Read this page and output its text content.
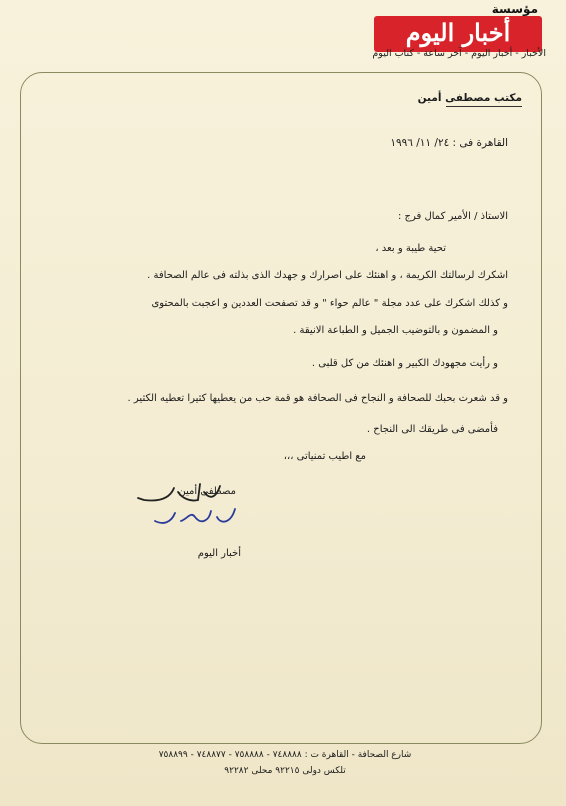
مؤسسة
أخبار اليوم
الأخبار - أخبار اليوم - آخر ساعة - كتاب اليوم
مكتب مصطفى أمين
القاهرة فى : ٢٤/ ١١/ ١٩٩٦
الاستاذ / الأمير كمال فرج :
تحية طيبة و بعد ،
اشكرك لرسالتك الكريمة ، و اهنئك على اصرارك و جهدك الذى بذلته فى عالم الصحافة .
و كذلك اشكرك على عدد مجلة " عالم حواء " و قد تصفحت العددين و اعجبت بالمحتوى
و المضمون و بالتوضيب الجميل و الطباعة الانيقة .
و رأيت مجهودك الكبير و اهنئك من كل قلبى .
و قد شعرت بحبك للصحافة و النجاح فى الصحافة هو قمة حب من يعطيها كثيرا تعطيه الكثير .
فأمضى فى طريقك الى النجاح .
مع اطيب تمنياتى ،،،
مصطفى أمين
أخبار اليوم
شارع الصحافة - القاهرة ت : ٧٤٨٨٨٨ - ٧٥٨٨٨٨ - ٧٤٨٨٧٧ - ٧٥٨٨٩٩
تلكس دولى ٩٢٢١٥ محلى ٩٢٢٨٢
